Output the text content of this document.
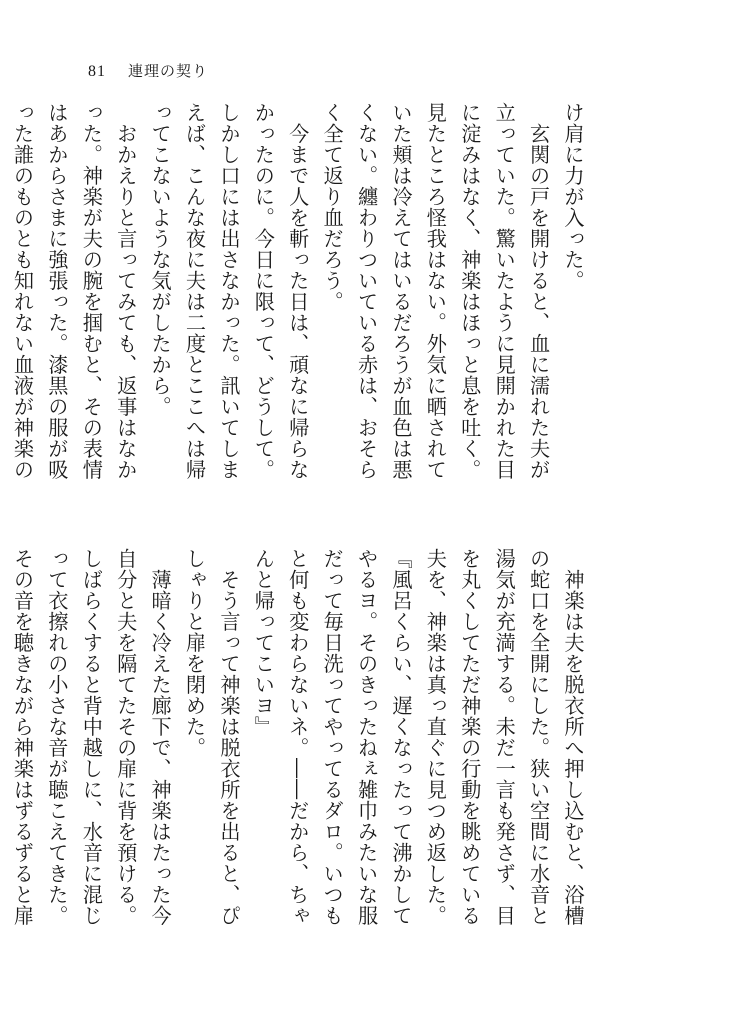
81 連理の契り

け肩に力が入った。

　玄関の戸を開けると、血に濡れた夫が立っていた。驚いたように見開かれた目に淀みはなく、神楽はほっと息を吐く。見たところ怪我はない。外気に晒されていた頬は冷えてはいるだろうが血色は悪くない。纏わりついている赤は、おそらく全て返り血だろう。

　今まで人を斬った日は、頑なに帰らなかったのに。今日に限って、どうして。しかし口には出さなかった。訊いてしまえば、こんな夜に夫は二度とここへは帰ってこないような気がしたから。

　おかえりと言ってみても、返事はなかった。神楽が夫の腕を掴むと、その表情はあからさまに強張った。漆黒の服が吸った誰のものとも知れない血液が神楽の

　神楽は夫を脱衣所へ押し込むと、浴槽の蛇口を全開にした。狭い空間に水音と湯気が充満する。未だ一言も発さず、目を丸くしてただ神楽の行動を眺めている夫を、神楽は真っ直ぐに見つめ返した。

『風呂くらい、遅くなったって沸かしてやるヨ。そのきったねぇ雑巾みたいな服だって毎日洗ってやってるダロ。いつもと何も変わらないネ。――だから、ちゃんと帰ってこいヨ』

　そう言って神楽は脱衣所を出ると、ぴしゃりと扉を閉めた。

　薄暗く冷えた廊下で、神楽はたった今自分と夫を隔てたその扉に背を預ける。しばらくすると背中越しに、水音に混じって衣擦れの小さな音が聴こえてきた。その音を聴きながら神楽はずるずると扉
